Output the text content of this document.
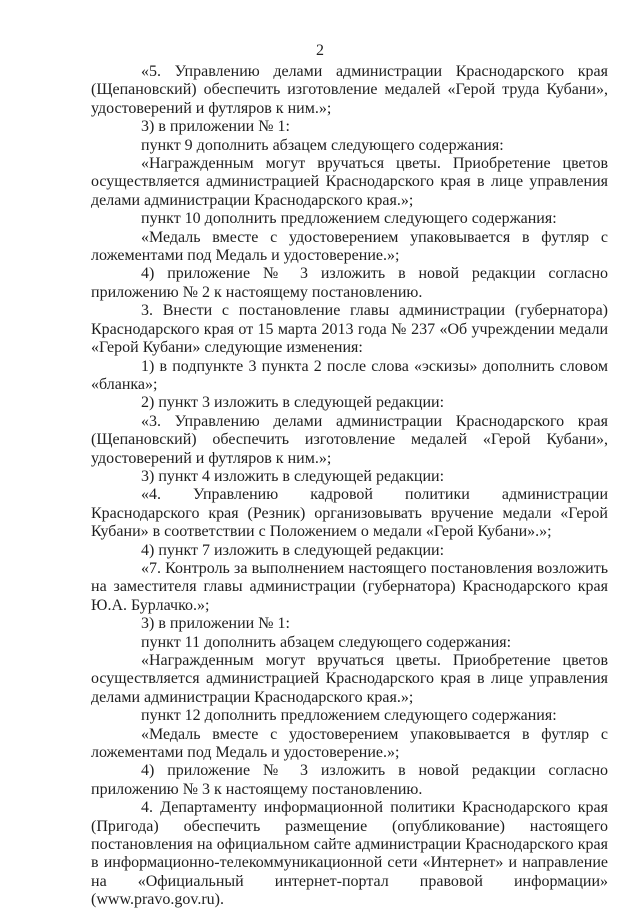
2

«5. Управлению делами администрации Краснодарского края (Щепановский) обеспечить изготовление медалей «Герой труда Кубани», удостоверений и футляров к ним.»;

3) в приложении № 1:

пункт 9 дополнить абзацем следующего содержания:

«Награжденным могут вручаться цветы. Приобретение цветов осуществляется администрацией Краснодарского края в лице управления делами администрации Краснодарского края.»;

пункт 10 дополнить предложением следующего содержания:

«Медаль вместе с удостоверением упаковывается в футляр с ложементами под Медаль и удостоверение.»;

4) приложение № 3 изложить в новой редакции согласно приложению № 2 к настоящему постановлению.

3. Внести с постановление главы администрации (губернатора) Краснодарского края от 15 марта 2013 года № 237 «Об учреждении медали «Герой Кубани» следующие изменения:

1) в подпункте 3 пункта 2 после слова «эскизы» дополнить словом «бланка»;

2) пункт 3 изложить в следующей редакции:

«3. Управлению делами администрации Краснодарского края (Щепановский) обеспечить изготовление медалей «Герой Кубани», удостоверений и футляров к ним.»;

3) пункт 4 изложить в следующей редакции:

«4. Управлению кадровой политики администрации Краснодарского края (Резник) организовывать вручение медали «Герой Кубани» в соответствии с Положением о медали «Герой Кубани».»;

4) пункт 7 изложить в следующей редакции:

«7. Контроль за выполнением настоящего постановления возложить на заместителя главы администрации (губернатора) Краснодарского края Ю.А. Бурлачко.»;

3) в приложении № 1:

пункт 11 дополнить абзацем следующего содержания:

«Награжденным могут вручаться цветы. Приобретение цветов осуществляется администрацией Краснодарского края в лице управления делами администрации Краснодарского края.»;

пункт 12 дополнить предложением следующего содержания:

«Медаль вместе с удостоверением упаковывается в футляр с ложементами под Медаль и удостоверение.»;

4) приложение № 3 изложить в новой редакции согласно приложению № 3 к настоящему постановлению.

4. Департаменту информационной политики Краснодарского края (Пригода) обеспечить размещение (опубликование) настоящего постановления на официальном сайте администрации Краснодарского края в информационно-телекоммуникационной сети «Интернет» и направление на «Официальный интернет-портал правовой информации» (www.pravo.gov.ru).
